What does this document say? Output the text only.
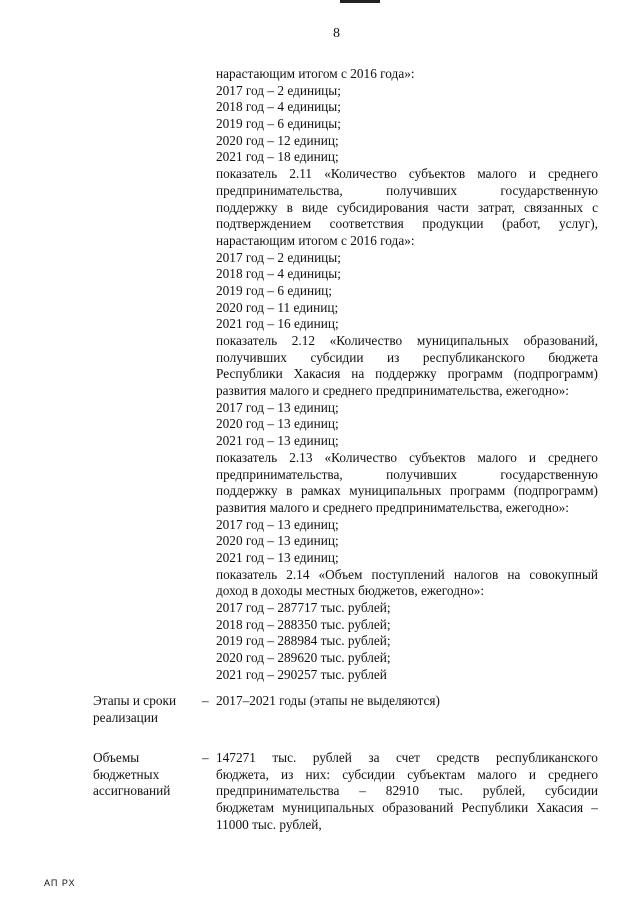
8
нарастающим итогом с 2016 года»:
2017 год – 2 единицы;
2018 год – 4 единицы;
2019 год – 6 единицы;
2020 год – 12 единиц;
2021 год – 18 единиц;
показатель 2.11 «Количество субъектов малого и среднего
предпринимательства,	получивших	государственную
поддержку в виде субсидирования части затрат, связанных с
подтверждением соответствия продукции (работ, услуг),
нарастающим итогом с 2016 года»:
2017 год – 2 единицы;
2018 год – 4 единицы;
2019 год – 6 единиц;
2020 год – 11 единиц;
2021 год – 16 единиц;
показатель 2.12 «Количество муниципальных образований,
получивших субсидии из республиканского бюджета
Республики Хакасия на поддержку программ (подпрограмм)
развития малого и среднего предпринимательства, ежегодно»:
2017 год – 13 единиц;
2020 год – 13 единиц;
2021 год – 13 единиц;
показатель 2.13 «Количество субъектов малого и среднего
предпринимательства,	получивших	государственную
поддержку в рамках муниципальных программ (подпрограмм)
развития малого и среднего предпринимательства, ежегодно»:
2017 год – 13 единиц;
2020 год – 13 единиц;
2021 год – 13 единиц;
показатель 2.14 «Объем поступлений налогов на совокупный
доход в доходы местных бюджетов, ежегодно»:
2017 год – 287717 тыс. рублей;
2018 год – 288350 тыс. рублей;
2019 год – 288984 тыс. рублей;
2020 год – 289620 тыс. рублей;
2021 год – 290257 тыс. рублей
Этапы и сроки
реализации
– 2017–2021 годы (этапы не выделяются)
Объемы
бюджетных
ассигнований
– 147271 тыс. рублей за счет средств республиканского
бюджета, из них: субсидии субъектам малого и среднего
предпринимательства – 82910 тыс. рублей, субсидии
бюджетам муниципальных образований Республики Хакасия –
11000 тыс. рублей,
АП РХ
